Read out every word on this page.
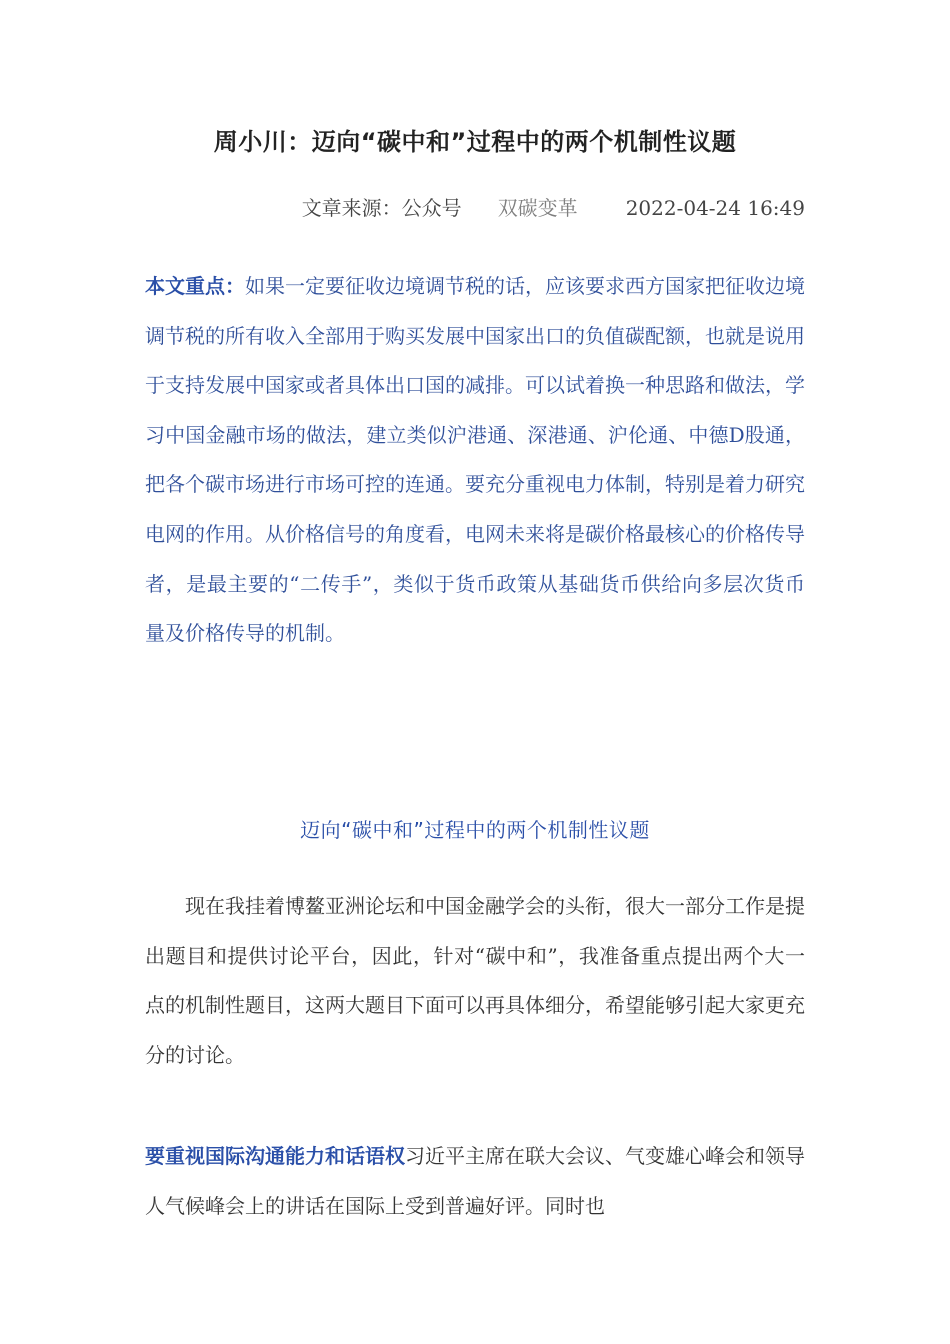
周小川：迈向“碳中和”过程中的两个机制性议题
文章来源：公众号 双碳变革 2022-04-24 16:49
本文重点：如果一定要征收边境调节税的话，应该要求西方国家把征收边境调节税的所有收入全部用于购买发展中国家出口的负值碳配额，也就是说用于支持发展中国家或者具体出口国的减排。可以试着换一种思路和做法，学习中国金融市场的做法，建立类似沪港通、深港通、沪伦通、中德D股通，把各个碳市场进行市场可控的连通。要充分重视电力体制，特别是着力研究电网的作用。从价格信号的角度看，电网未来将是碳价格最核心的价格传导者，是最主要的“二传手”，类似于货币政策从基础货币供给向多层次货币量及价格传导的机制。
迈向“碳中和”过程中的两个机制性议题
现在我挂着博鳌亚洲论坛和中国金融学会的头衔，很大一部分工作是提出题目和提供讨论平台，因此，针对“碳中和”，我准备重点提出两个大一点的机制性题目，这两大题目下面可以再具体细分，希望能够引起大家更充分的讨论。
要重视国际沟通能力和话语权习近平主席在联大会议、气变雄心峰会和领导人气候峰会上的讲话在国际上受到普遍好评。同时也
